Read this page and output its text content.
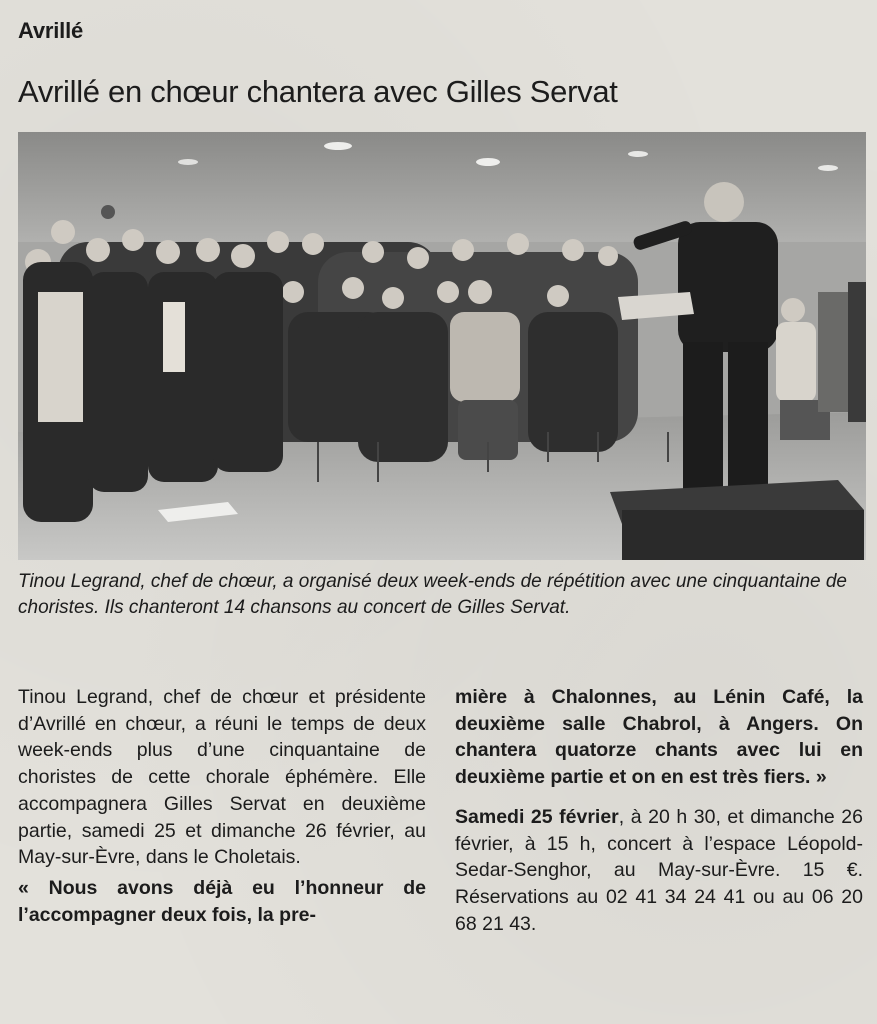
Avrillé
Avrillé en chœur chantera avec Gilles Servat
Tinou Legrand, chef de chœur, a organisé deux week-ends de répétition avec une cinquantaine de choristes. Ils chanteront 14 chansons au concert de Gilles Servat.

Tinou Legrand, chef de chœur et présidente d’Avrillé en chœur, a réuni le temps de deux week-ends plus d’une cinquantaine de choristes de cette chorale éphémère. Elle accompagnera Gilles Servat en deuxième partie, samedi 25 et dimanche 26 février, au May-sur-Èvre, dans le Choletais.

« Nous avons déjà eu l’honneur de l’accompagner deux fois, la pre-

mière à Chalonnes, au Lénin Café, la deuxième salle Chabrol, à Angers. On chantera quatorze chants avec lui en deuxième partie et on en est très fiers. »

Samedi 25 février, à 20 h 30, et dimanche 26 février, à 15 h, concert à l’espace Léopold-Sedar-Senghor, au May-sur-Èvre. 15 €. Réservations au 02 41 34 24 41 ou au 06 20 68 21 43.
